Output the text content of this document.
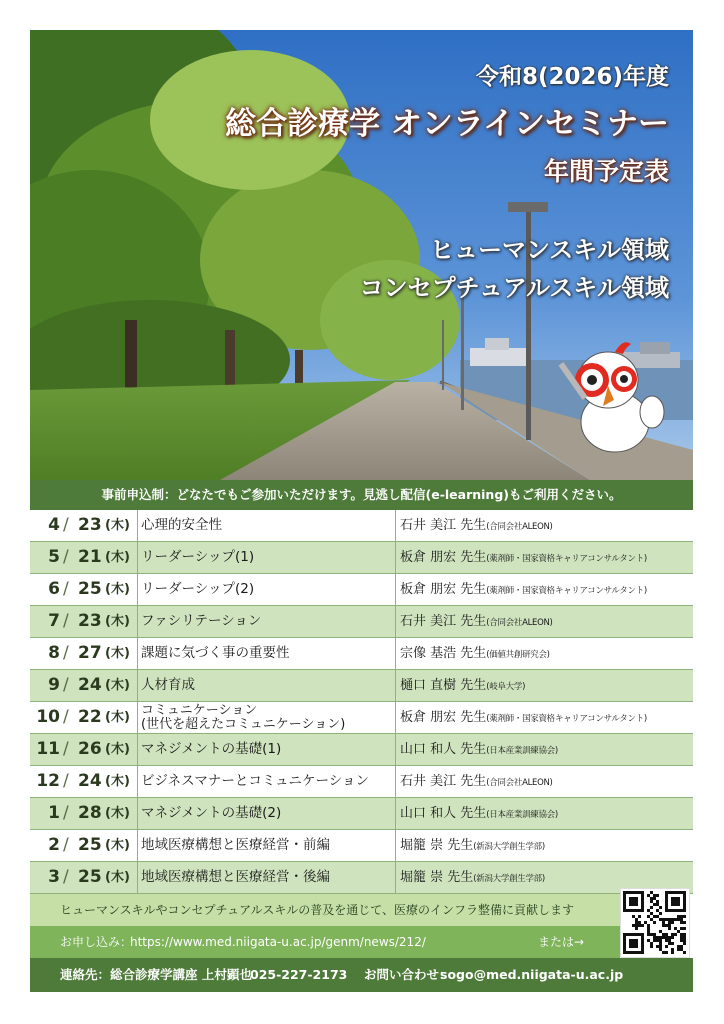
令和8(2026)年度
総合診療学 オンラインセミナー
年間予定表
ヒューマンスキル領域
コンセプチュアルスキル領域
事前申込制：どなたでもご参加いただけます。見逃し配信(e-learning)もご利用ください。
4 / 23 (木) 心理的安全性	石井 美江 先生(合同会社ALEON)
5 / 21 (木) リーダーシップ(1)	板倉 朋宏 先生(薬剤師・国家資格キャリアコンサルタント)
6 / 25 (木) リーダーシップ(2)	板倉 朋宏 先生(薬剤師・国家資格キャリアコンサルタント)
7 / 23 (木) ファシリテーション	石井 美江 先生(合同会社ALEON)
8 / 27 (木) 課題に気づく事の重要性	宗像 基浩 先生(価値共創研究会)
9 / 24 (木) 人材育成	樋口 直樹 先生(岐阜大学)
10 / 22 (木) コミュニケーション
(世代を超えたコミュニケーション)	板倉 朋宏 先生(薬剤師・国家資格キャリアコンサルタント)
11 / 26 (木) マネジメントの基礎(1)	山口 和人 先生(日本産業訓練協会)
12 / 24 (木) ビジネスマナーとコミュニケーション 石井 美江 先生(合同会社ALEON)
1 / 28 (木) マネジメントの基礎(2)	山口 和人 先生(日本産業訓練協会)
2 / 25 (木) 地域医療構想と医療経営・前編	堀籠 崇 先生(新潟大学創生学部)
3 / 25 (木) 地域医療構想と医療経営・後編	堀籠 崇 先生(新潟大学創生学部)
ヒューマンスキルやコンセプチュアルスキルの普及を通じて、医療のインフラ整備に貢献します
お申し込み：
https://www.med.niigata-u.ac.jp/genm/news/212/	または→
連絡先：総合診療学講座 上村顕也
025-227-2173 お問い合わせ：
sogo@med.niigata-u.ac.jp
